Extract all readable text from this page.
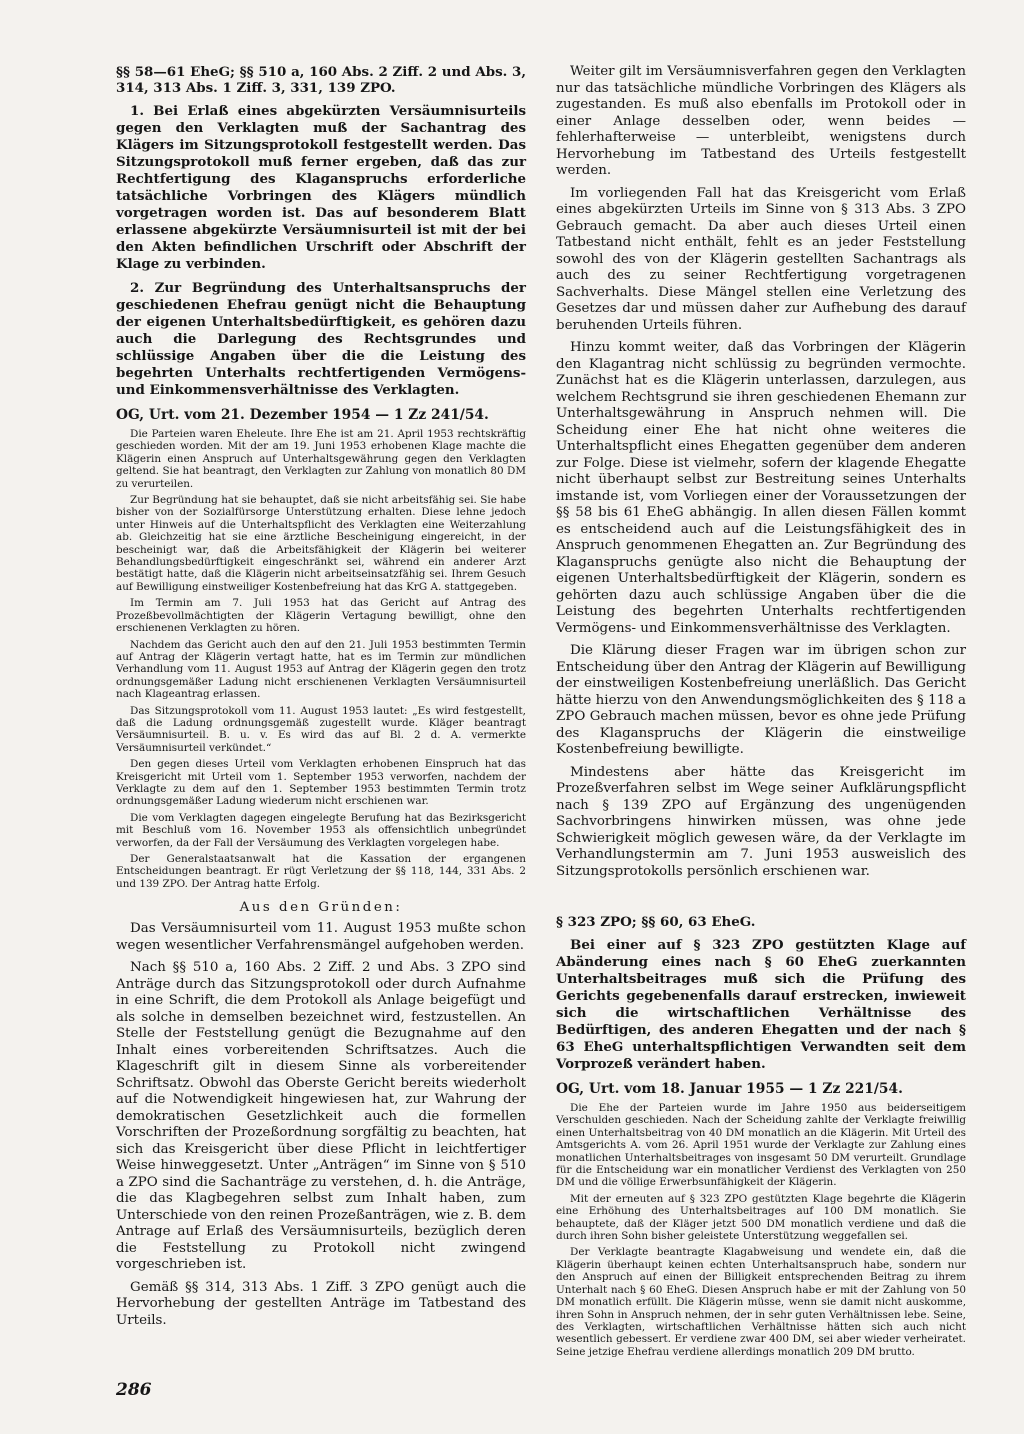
§§ 58—61 EheG; §§ 510 a, 160 Abs. 2 Ziff. 2 und Abs. 3, 314, 313 Abs. 1 Ziff. 3, 331, 139 ZPO.

1. Bei Erlaß eines abgekürzten Versäumnisurteils gegen den Verklagten muß der Sachantrag des Klägers im Sitzungsprotokoll festgestellt werden. Das Sitzungsprotokoll muß ferner ergeben, daß das zur Rechtfertigung des Klaganspruchs erforderliche tatsächliche Vorbringen des Klägers mündlich vorgetragen worden ist. Das auf besonderem Blatt erlassene abgekürzte Versäumnisurteil ist mit der bei den Akten befindlichen Urschrift oder Abschrift der Klage zu verbinden.

2. Zur Begründung des Unterhaltsanspruchs der geschiedenen Ehefrau genügt nicht die Behauptung der eigenen Unterhaltsbedürftigkeit, es gehören dazu auch die Darlegung des Rechtsgrundes und schlüssige Angaben über die die Leistung des begehrten Unterhalts rechtfertigenden Vermögens- und Einkommensverhältnisse des Verklagten.

OG, Urt. vom 21. Dezember 1954 — 1 Zz 241/54.

Die Parteien waren Eheleute. Ihre Ehe ist am 21. April 1953 rechtskräftig geschieden worden. Mit der am 19. Juni 1953 erhobenen Klage machte die Klägerin einen Anspruch auf Unterhaltsgewährung gegen den Verklagten geltend. Sie hat beantragt, den Verklagten zur Zahlung von monatlich 80 DM zu verurteilen.

Zur Begründung hat sie behauptet, daß sie nicht arbeitsfähig sei. Sie habe bisher von der Sozialfürsorge Unterstützung erhalten. Diese lehne jedoch unter Hinweis auf die Unterhaltspflicht des Verklagten eine Weiterzahlung ab. Gleichzeitig hat sie eine ärztliche Bescheinigung eingereicht, in der bescheinigt war, daß die Arbeitsfähigkeit der Klägerin bei weiterer Behandlungsbedürftigkeit eingeschränkt sei, während ein anderer Arzt bestätigt hatte, daß die Klägerin nicht arbeitseinsatzfähig sei. Ihrem Gesuch auf Bewilligung einstweiliger Kostenbefreiung hat das KrG A. stattgegeben.

Im Termin am 7. Juli 1953 hat das Gericht auf Antrag des Prozeßbevollmächtigten der Klägerin Vertagung bewilligt, ohne den erschienenen Verklagten zu hören.

Nachdem das Gericht auch den auf den 21. Juli 1953 bestimmten Termin auf Antrag der Klägerin vertagt hatte, hat es im Termin zur mündlichen Verhandlung vom 11. August 1953 auf Antrag der Klägerin gegen den trotz ordnungsgemäßer Ladung nicht erschienenen Verklagten Versäumnisurteil nach Klageantrag erlassen.

Das Sitzungsprotokoll vom 11. August 1953 lautet: „Es wird festgestellt, daß die Ladung ordnungsgemäß zugestellt wurde. Kläger beantragt Versäumnisurteil. B. u. v. Es wird das auf Bl. 2 d. A. vermerkte Versäumnisurteil verkündet.“

Den gegen dieses Urteil vom Verklagten erhobenen Einspruch hat das Kreisgericht mit Urteil vom 1. September 1953 verworfen, nachdem der Verklagte zu dem auf den 1. September 1953 bestimmten Termin trotz ordnungsgemäßer Ladung wiederum nicht erschienen war.

Die vom Verklagten dagegen eingelegte Berufung hat das Bezirksgericht mit Beschluß vom 16. November 1953 als offensichtlich unbegründet verworfen, da der Fall der Versäumung des Verklagten vorgelegen habe.

Der Generalstaatsanwalt hat die Kassation der ergangenen Entscheidungen beantragt. Er rügt Verletzung der §§ 118, 144, 331 Abs. 2 und 139 ZPO. Der Antrag hatte Erfolg.

Aus den Gründen:

Das Versäumnisurteil vom 11. August 1953 mußte schon wegen wesentlicher Verfahrensmängel aufgehoben werden.

Nach §§ 510 a, 160 Abs. 2 Ziff. 2 und Abs. 3 ZPO sind Anträge durch das Sitzungsprotokoll oder durch Aufnahme in eine Schrift, die dem Protokoll als Anlage beigefügt und als solche in demselben bezeichnet wird, festzustellen. An Stelle der Feststellung genügt die Bezugnahme auf den Inhalt eines vorbereitenden Schriftsatzes. Auch die Klageschrift gilt in diesem Sinne als vorbereitender Schriftsatz. Obwohl das Oberste Gericht bereits wiederholt auf die Notwendigkeit hingewiesen hat, zur Wahrung der demokratischen Gesetzlichkeit auch die formellen Vorschriften der Prozeßordnung sorgfältig zu beachten, hat sich das Kreisgericht über diese Pflicht in leichtfertiger Weise hinweggesetzt. Unter „Anträgen“ im Sinne von § 510 a ZPO sind die Sachanträge zu verstehen, d. h. die Anträge, die das Klagbegehren selbst zum Inhalt haben, zum Unterschiede von den reinen Prozeßanträgen, wie z. B. dem Antrage auf Erlaß des Versäumnisurteils, bezüglich deren die Feststellung zu Protokoll nicht zwingend vorgeschrieben ist.

Gemäß §§ 314, 313 Abs. 1 Ziff. 3 ZPO genügt auch die Hervorhebung der gestellten Anträge im Tatbestand des Urteils.

Weiter gilt im Versäumnisverfahren gegen den Verklagten nur das tatsächliche mündliche Vorbringen des Klägers als zugestanden. Es muß also ebenfalls im Protokoll oder in einer Anlage desselben oder, wenn beides — fehlerhafterweise — unterbleibt, wenigstens durch Hervorhebung im Tatbestand des Urteils festgestellt werden.

Im vorliegenden Fall hat das Kreisgericht vom Erlaß eines abgekürzten Urteils im Sinne von § 313 Abs. 3 ZPO Gebrauch gemacht. Da aber auch dieses Urteil einen Tatbestand nicht enthält, fehlt es an jeder Feststellung sowohl des von der Klägerin gestellten Sachantrags als auch des zu seiner Rechtfertigung vorgetragenen Sachverhalts. Diese Mängel stellen eine Verletzung des Gesetzes dar und müssen daher zur Aufhebung des darauf beruhenden Urteils führen.

Hinzu kommt weiter, daß das Vorbringen der Klägerin den Klagantrag nicht schlüssig zu begründen vermochte. Zunächst hat es die Klägerin unterlassen, darzulegen, aus welchem Rechtsgrund sie ihren geschiedenen Ehemann zur Unterhaltsgewährung in Anspruch nehmen will. Die Scheidung einer Ehe hat nicht ohne weiteres die Unterhaltspflicht eines Ehegatten gegenüber dem anderen zur Folge. Diese ist vielmehr, sofern der klagende Ehegatte nicht überhaupt selbst zur Bestreitung seines Unterhalts imstande ist, vom Vorliegen einer der Voraussetzungen der §§ 58 bis 61 EheG abhängig. In allen diesen Fällen kommt es entscheidend auch auf die Leistungsfähigkeit des in Anspruch genommenen Ehegatten an. Zur Begründung des Klaganspruchs genügte also nicht die Behauptung der eigenen Unterhaltsbedürftigkeit der Klägerin, sondern es gehörten dazu auch schlüssige Angaben über die die Leistung des begehrten Unterhalts rechtfertigenden Vermögens- und Einkommensverhältnisse des Verklagten.

Die Klärung dieser Fragen war im übrigen schon zur Entscheidung über den Antrag der Klägerin auf Bewilligung der einstweiligen Kostenbefreiung unerläßlich. Das Gericht hätte hierzu von den Anwendungsmöglichkeiten des § 118 a ZPO Gebrauch machen müssen, bevor es ohne jede Prüfung des Klaganspruchs der Klägerin die einstweilige Kostenbefreiung bewilligte.

Mindestens aber hätte das Kreisgericht im Prozeßverfahren selbst im Wege seiner Aufklärungspflicht nach § 139 ZPO auf Ergänzung des ungenügenden Sachvorbringens hinwirken müssen, was ohne jede Schwierigkeit möglich gewesen wäre, da der Verklagte im Verhandlungstermin am 7. Juni 1953 ausweislich des Sitzungsprotokolls persönlich erschienen war.

§ 323 ZPO; §§ 60, 63 EheG.

Bei einer auf § 323 ZPO gestützten Klage auf Abänderung eines nach § 60 EheG zuerkannten Unterhaltsbeitrages muß sich die Prüfung des Gerichts gegebenenfalls darauf erstrecken, inwieweit sich die wirtschaftlichen Verhältnisse des Bedürftigen, des anderen Ehegatten und der nach § 63 EheG unterhaltspflichtigen Verwandten seit dem Vorprozeß verändert haben.

OG, Urt. vom 18. Januar 1955 — 1 Zz 221/54.

Die Ehe der Parteien wurde im Jahre 1950 aus beiderseitigem Verschulden geschieden. Nach der Scheidung zahlte der Verklagte freiwillig einen Unterhaltsbeitrag von 40 DM monatlich an die Klägerin. Mit Urteil des Amtsgerichts A. vom 26. April 1951 wurde der Verklagte zur Zahlung eines monatlichen Unterhaltsbeitrages von insgesamt 50 DM verurteilt. Grundlage für die Entscheidung war ein monatlicher Verdienst des Verklagten von 250 DM und die völlige Erwerbsunfähigkeit der Klägerin.

Mit der erneuten auf § 323 ZPO gestützten Klage begehrte die Klägerin eine Erhöhung des Unterhaltsbeitrages auf 100 DM monatlich. Sie behauptete, daß der Kläger jetzt 500 DM monatlich verdiene und daß die durch ihren Sohn bisher geleistete Unterstützung weggefallen sei.

Der Verklagte beantragte Klagabweisung und wendete ein, daß die Klägerin überhaupt keinen echten Unterhaltsanspruch habe, sondern nur den Anspruch auf einen der Billigkeit entsprechenden Beitrag zu ihrem Unterhalt nach § 60 EheG. Diesen Anspruch habe er mit der Zahlung von 50 DM monatlich erfüllt. Die Klägerin müsse, wenn sie damit nicht auskomme, ihren Sohn in Anspruch nehmen, der in sehr guten Verhältnissen lebe. Seine, des Verklagten, wirtschaftlichen Verhältnisse hätten sich auch nicht wesentlich gebessert. Er verdiene zwar 400 DM, sei aber wieder verheiratet. Seine jetzige Ehefrau verdiene allerdings monatlich 209 DM brutto.

286
